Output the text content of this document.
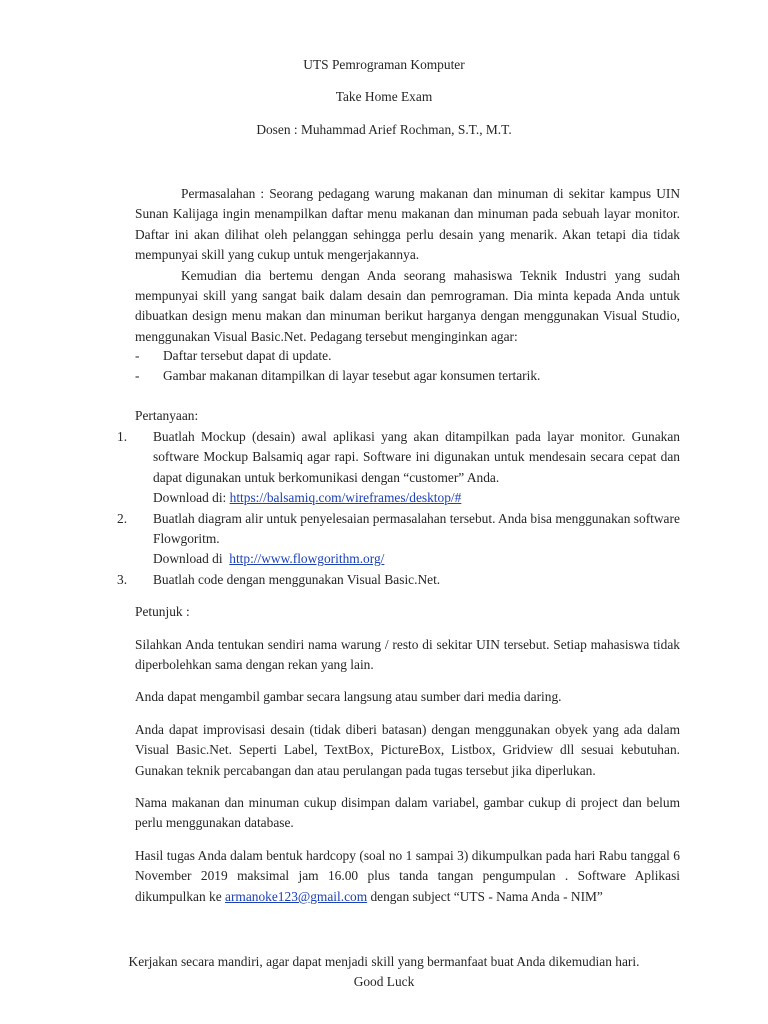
UTS Pemrograman Komputer
Take Home Exam
Dosen : Muhammad Arief Rochman, S.T., M.T.

Permasalahan : Seorang pedagang warung makanan dan minuman di sekitar kampus UIN Sunan Kalijaga ingin menampilkan daftar menu makanan dan minuman pada sebuah layar monitor. Daftar ini akan dilihat oleh pelanggan sehingga perlu desain yang menarik. Akan tetapi dia tidak mempunyai skill yang cukup untuk mengerjakannya.

Kemudian dia bertemu dengan Anda seorang mahasiswa Teknik Industri yang sudah mempunyai skill yang sangat baik dalam desain dan pemrograman. Dia minta kepada Anda untuk dibuatkan design menu makan dan minuman berikut harganya dengan menggunakan Visual Studio, menggunakan Visual Basic.Net. Pedagang tersebut menginginkan agar:

- Daftar tersebut dapat di update.
- Gambar makanan ditampilkan di layar tesebut agar konsumen tertarik.
Pertanyaan:
1. Buatlah Mockup (desain) awal aplikasi yang akan ditampilkan pada layar monitor. Gunakan software Mockup Balsamiq agar rapi. Software ini digunakan untuk mendesain secara cepat dan dapat digunakan untuk berkomunikasi dengan “customer” Anda.

Download di: https://balsamiq.com/wireframes/desktop/#

2. Buatlah diagram alir untuk penyelesaian permasalahan tersebut. Anda bisa menggunakan software Flowgoritm.

Download di http://www.flowgorithm.org/

3. Buatlah code dengan menggunakan Visual Basic.Net.

Petunjuk :
Silahkan Anda tentukan sendiri nama warung / resto di sekitar UIN tersebut. Setiap mahasiswa tidak diperbolehkan sama dengan rekan yang lain.
Anda dapat mengambil gambar secara langsung atau sumber dari media daring.
Anda dapat improvisasi desain (tidak diberi batasan) dengan menggunakan obyek yang ada dalam Visual Basic.Net. Seperti Label, TextBox, PictureBox, Listbox, Gridview dll sesuai kebutuhan. Gunakan teknik percabangan dan atau perulangan pada tugas tersebut jika diperlukan.
Nama makanan dan minuman cukup disimpan dalam variabel, gambar cukup di project dan belum perlu menggunakan database.
Hasil tugas Anda dalam bentuk hardcopy (soal no 1 sampai 3) dikumpulkan pada hari Rabu tanggal 6 November 2019 maksimal jam 16.00 plus tanda tangan pengumpulan . Software Aplikasi dikumpulkan ke armanoke123@gmail.com dengan subject “UTS - Nama Anda - NIM”
Kerjakan secara mandiri, agar dapat menjadi skill yang bermanfaat buat Anda dikemudian hari.
Good Luck
